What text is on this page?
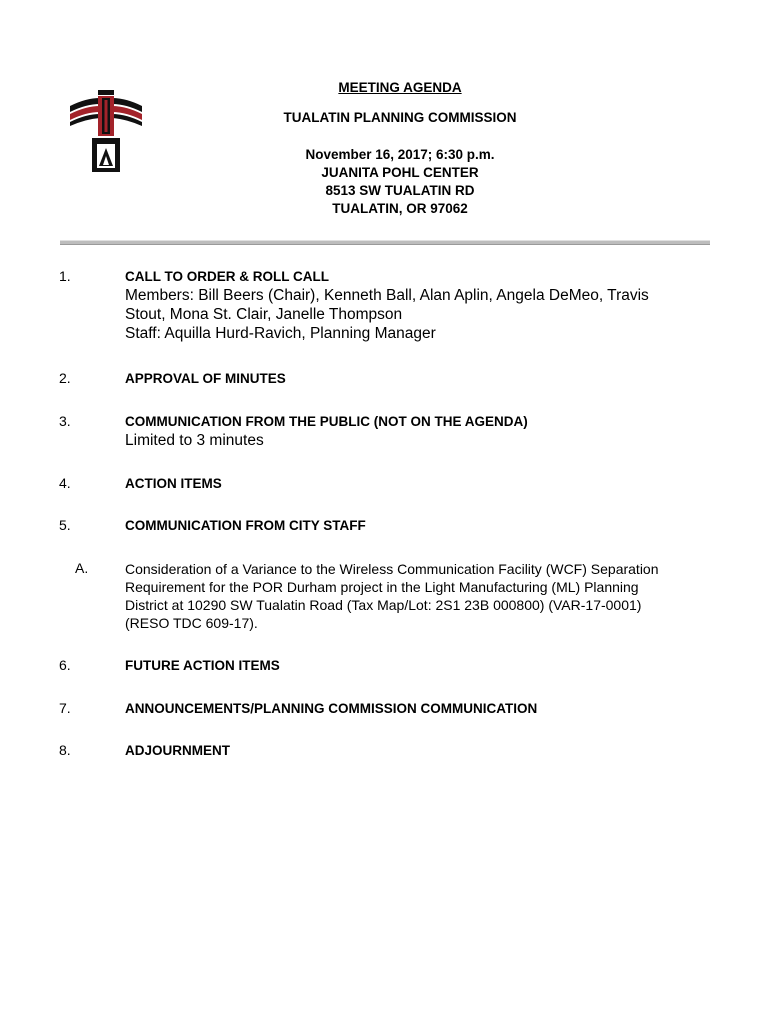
MEETING AGENDA
TUALATIN PLANNING COMMISSION
November 16, 2017; 6:30 p.m.
JUANITA POHL CENTER
8513 SW TUALATIN RD
TUALATIN, OR 97062
1.	CALL TO ORDER & ROLL CALL
Members: Bill Beers (Chair), Kenneth Ball, Alan Aplin, Angela DeMeo, Travis
Stout, Mona St. Clair, Janelle Thompson
Staff: Aquilla Hurd-Ravich, Planning Manager
2.	APPROVAL OF MINUTES
3.	COMMUNICATION FROM THE PUBLIC (NOT ON THE AGENDA)
Limited to 3 minutes
4.	ACTION ITEMS
5.	COMMUNICATION FROM CITY STAFF
A.	Consideration of a Variance to the Wireless Communication Facility (WCF) Separation
Requirement for the POR Durham project in the Light Manufacturing (ML) Planning
District at 10290 SW Tualatin Road (Tax Map/Lot: 2S1 23B 000800) (VAR-17-0001)
(RESO TDC 609-17).
6.	FUTURE ACTION ITEMS
7.	ANNOUNCEMENTS/PLANNING COMMISSION COMMUNICATION
8.	ADJOURNMENT
